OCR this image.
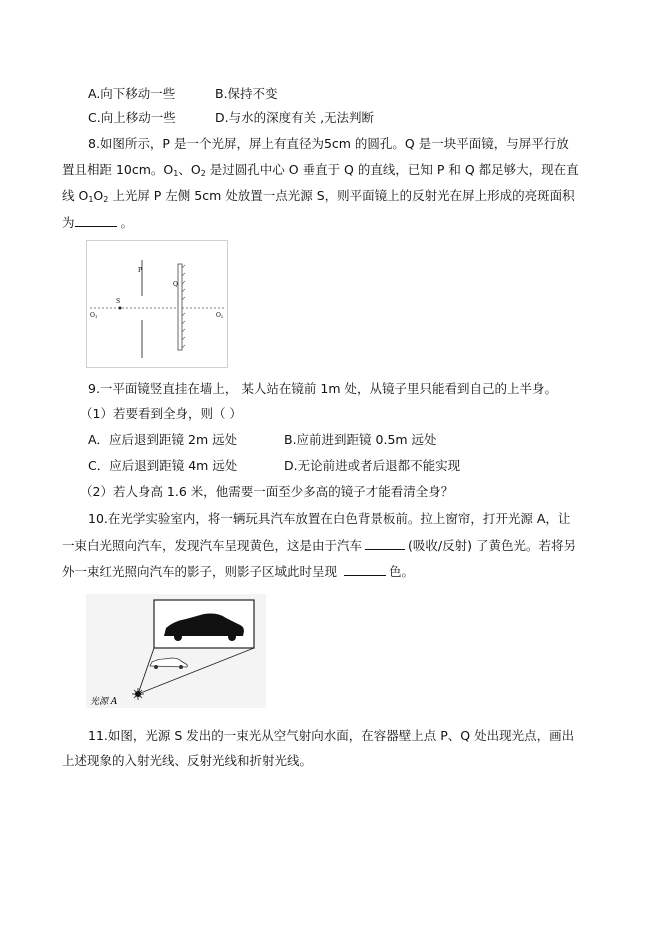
A.向下移动一些	B.保持不变
C.向上移动一些	D.与水的深度有关 ,无法判断
8.如图所示，P 是一个光屏，屏上有直径为5cm 的圆孔。Q 是一块平面镜，与屏平行放
置且相距 10cm。$O_1$、$O_2$ 是过圆孔中心 O 垂直于 Q 的直线，已知 P 和 Q 都足够大，现在直
线 $O_1O_2$ 上光屏 P 左侧 5cm 处放置一点光源 S，则平面镜上的反射光在屏上形成的亮斑面积
为	。
P
Q
S
O1	O2
9.一平面镜竖直挂在墙上， 某人站在镜前 1m 处，从镜子里只能看到自己的上半身。
（1）若要看到全身，则（ ）
A．应后退到距镜 2m 远处	B.应前进到距镜 0.5m 远处
C．应后退到距镜 4m 远处	D.无论前进或者后退都不能实现
（2）若人身高 1.6 米，他需要一面至少多高的镜子才能看清全身？
10.在光学实验室内，将一辆玩具汽车放置在白色背景板前。拉上窗帘，打开光源 A，让
一束白光照向汽车，发现汽车呈现黄色，这是由于汽车	(吸收/反射) 了黄色光。若将另
外一束红光照向汽车的影子，则影子区域此时呈现	色。
光源 A
11.如图，光源 S 发出的一束光从空气射向水面，在容器壁上点 P、Q 处出现光点，画出
上述现象的入射光线、反射光线和折射光线。
